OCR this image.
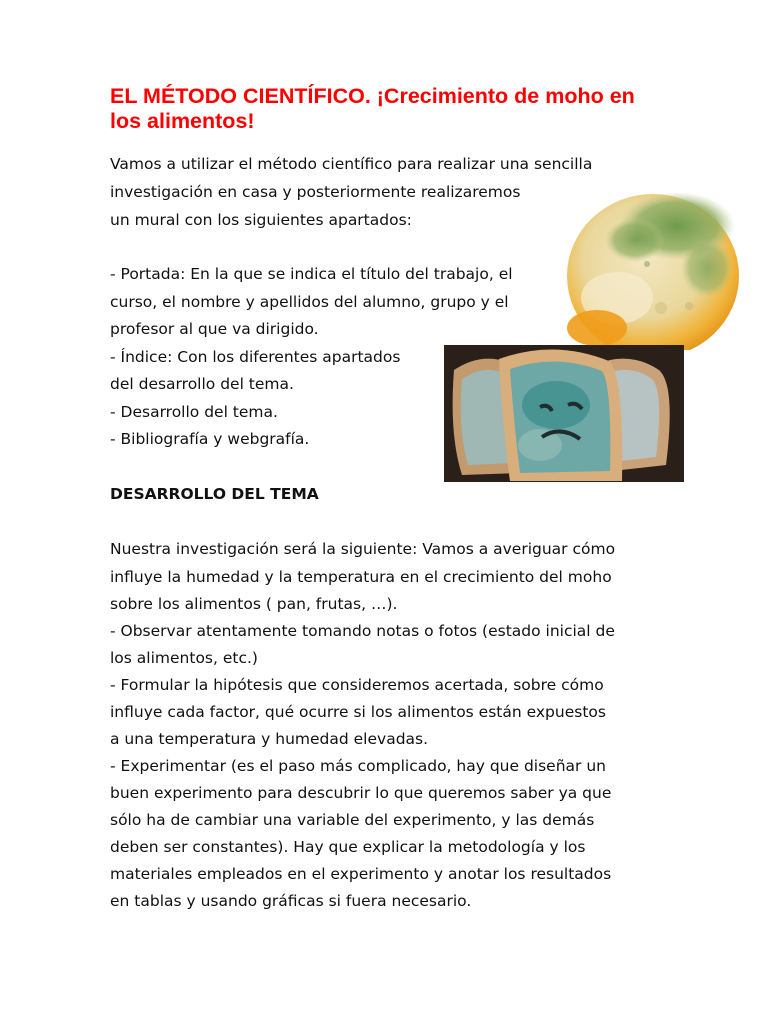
EL MÉTODO CIENTÍFICO. ¡Crecimiento de moho en los alimentos!
Vamos a utilizar el método científico para realizar una sencilla
investigación en casa y posteriormente realizaremos
un mural con los siguientes apartados:
- Portada: En la que se indica el título del trabajo, el
curso, el nombre y apellidos del alumno, grupo y el
profesor al que va dirigido.
- Índice: Con los diferentes apartados
del desarrollo del tema.
- Desarrollo del tema.
- Bibliografía y webgrafía.
DESARROLLO DEL TEMA
Nuestra investigación será la siguiente: Vamos a averiguar cómo
influye la humedad y la temperatura en el crecimiento del moho
sobre los alimentos ( pan, frutas, …).
- Observar atentamente tomando notas o fotos (estado inicial de
los alimentos, etc.)
- Formular la hipótesis que consideremos acertada, sobre cómo
influye cada factor, qué ocurre si los alimentos están expuestos
a una temperatura y humedad elevadas.
- Experimentar (es el paso más complicado, hay que diseñar un
buen experimento para descubrir lo que queremos saber ya que
sólo ha de cambiar una variable del experimento, y las demás
deben ser constantes). Hay que explicar la metodología y los
materiales empleados en el experimento y anotar los resultados
en tablas y usando gráficas si fuera necesario.
